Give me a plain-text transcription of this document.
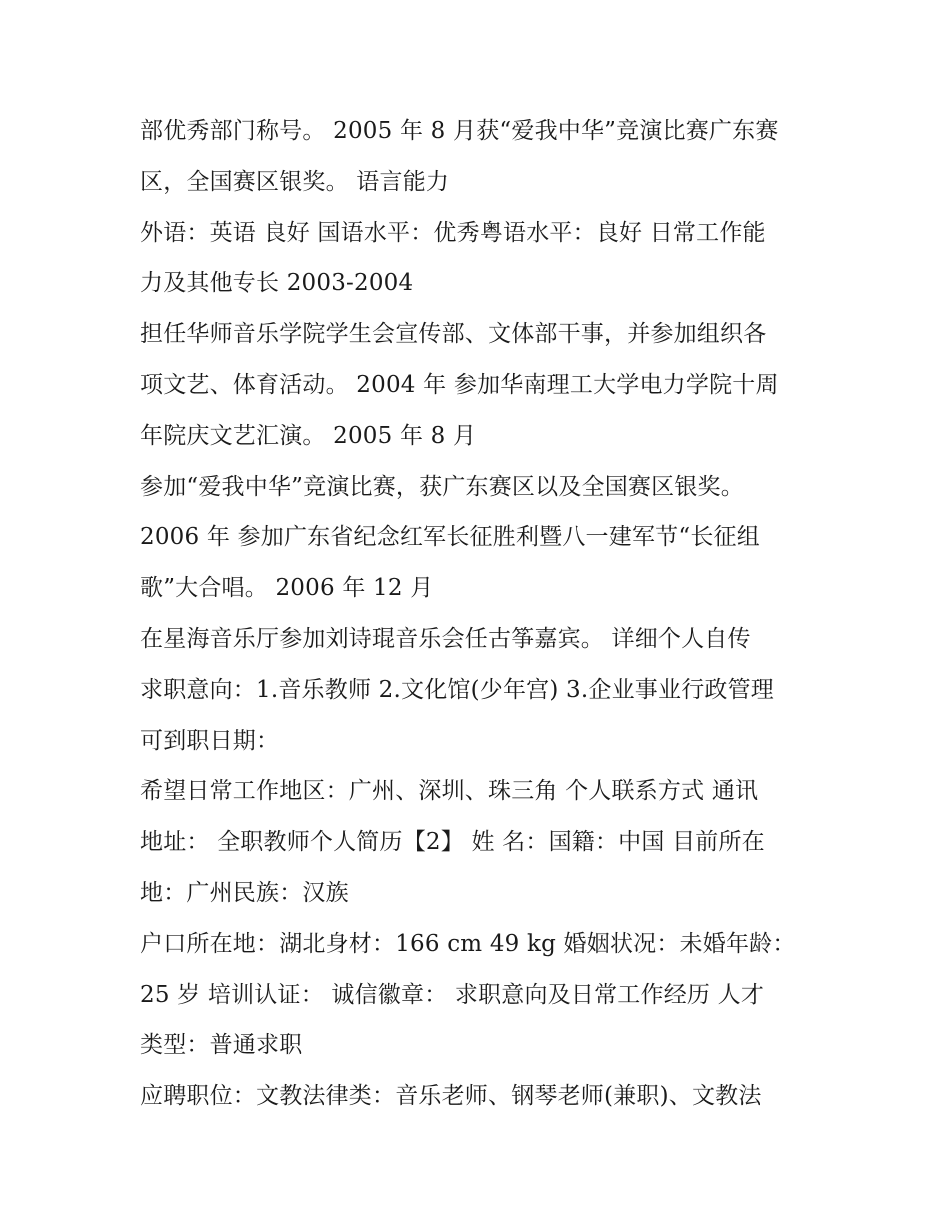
部优秀部门称号。 2005 年 8 月获“爱我中华”竞演比赛广东赛
区，全国赛区银奖。 语言能力
外语：英语 良好 国语水平：优秀粤语水平：良好 日常工作能
力及其他专长 2003-2004
担任华师音乐学院学生会宣传部、文体部干事，并参加组织各
项文艺、体育活动。 2004 年 参加华南理工大学电力学院十周
年院庆文艺汇演。 2005 年 8 月
参加“爱我中华”竞演比赛，获广东赛区以及全国赛区银奖。
2006 年 参加广东省纪念红军长征胜利暨八一建军节“长征组
歌”大合唱。 2006 年 12 月
在星海音乐厅参加刘诗琨音乐会任古筝嘉宾。 详细个人自传
求职意向：1.音乐教师 2.文化馆(少年宫) 3.企业事业行政管理
可到职日期：
希望日常工作地区：广州、深圳、珠三角 个人联系方式 通讯
地址： 全职教师个人简历【2】 姓 名：国籍：中国 目前所在
地：广州民族：汉族
户口所在地：湖北身材：166 cm 49 kg 婚姻状况：未婚年龄：
25 岁 培训认证： 诚信徽章： 求职意向及日常工作经历 人才
类型：普通求职
应聘职位：文教法律类：音乐老师、钢琴老师(兼职)、文教法
